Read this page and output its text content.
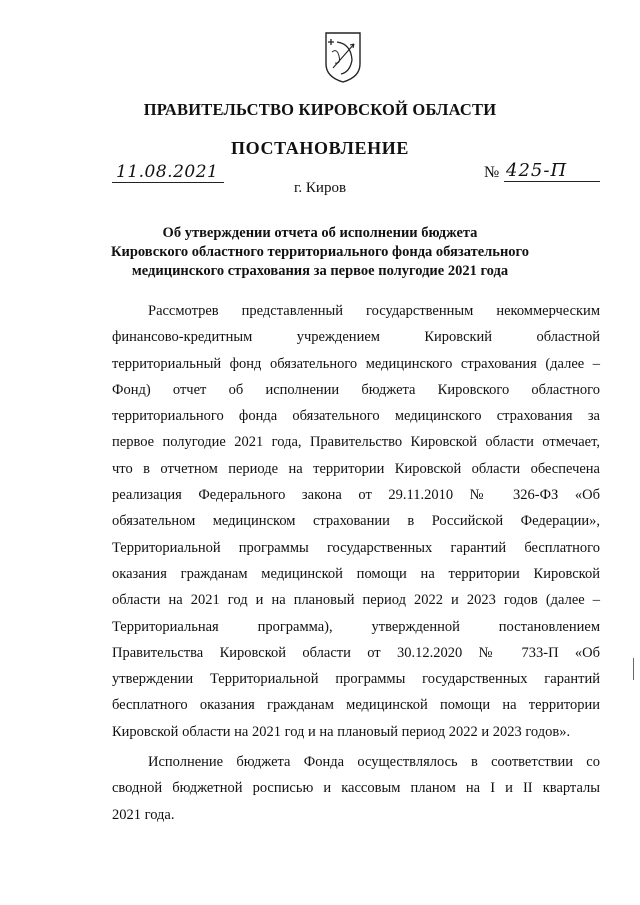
ПРАВИТЕЛЬСТВО КИРОВСКОЙ ОБЛАСТИ
ПОСТАНОВЛЕНИЕ
11.08.2021	№ 425-П
г. Киров
Об утверждении отчета об исполнении бюджета
Кировского областного территориального фонда обязательного
медицинского страхования за первое полугодие 2021 года
Рассмотрев представленный государственным некоммерческим
финансово-кредитным учреждением Кировский областной
территориальный фонд обязательного медицинского страхования (далее –
Фонд) отчет об исполнении бюджета Кировского областного
территориального фонда обязательного медицинского страхования за
первое полугодие 2021 года, Правительство Кировской области отмечает,
что в отчетном периоде на территории Кировской области обеспечена
реализация Федерального закона от 29.11.2010 № 326-ФЗ «Об
обязательном медицинском страховании в Российской Федерации»,
Территориальной программы государственных гарантий бесплатного
оказания гражданам медицинской помощи на территории Кировской
области на 2021 год и на плановый период 2022 и 2023 годов (далее –
Территориальная программа), утвержденной постановлением
Правительства Кировской области от 30.12.2020 № 733-П «Об
утверждении Территориальной программы государственных гарантий
бесплатного оказания гражданам медицинской помощи на территории
Кировской области на 2021 год и на плановый период 2022 и 2023 годов».
Исполнение бюджета Фонда осуществлялось в соответствии со
сводной бюджетной росписью и кассовым планом на I и II кварталы
2021 года.
